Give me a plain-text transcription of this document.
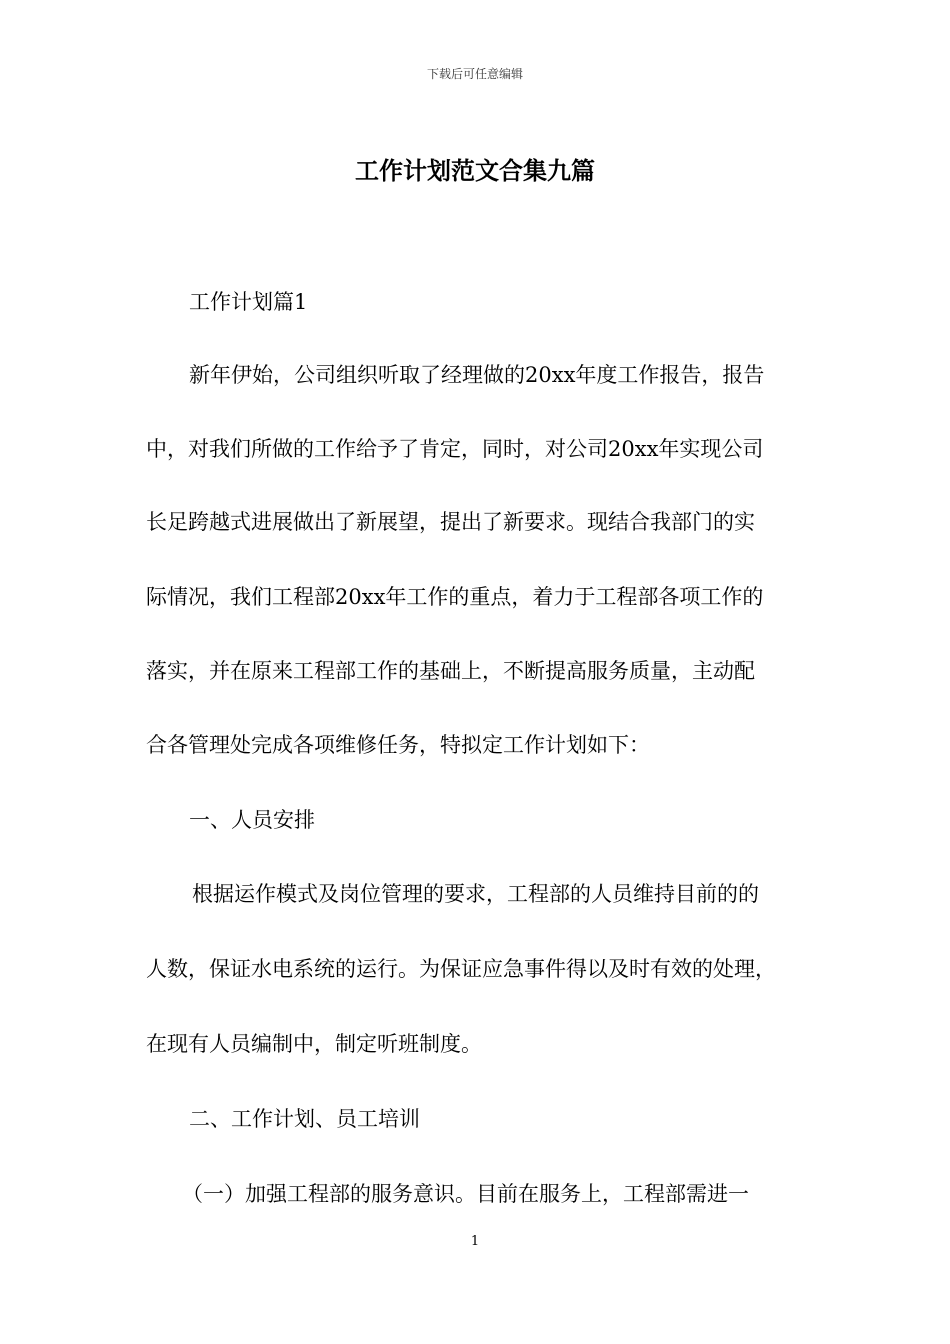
下载后可任意编辑
工作计划范文合集九篇
工作计划篇1
新年伊始，公司组织听取了经理做的20xx年度工作报告，报告
中，对我们所做的工作给予了肯定，同时，对公司20xx年实现公司
长足跨越式进展做出了新展望，提出了新要求。现结合我部门的实
际情况，我们工程部20xx年工作的重点，着力于工程部各项工作的
落实，并在原来工程部工作的基础上，不断提高服务质量，主动配
合各管理处完成各项维修任务，特拟定工作计划如下：
一、人员安排
根据运作模式及岗位管理的要求，工程部的人员维持目前的的
人数，保证水电系统的运行。为保证应急事件得以及时有效的处理，
在现有人员编制中，制定听班制度。
二、工作计划、员工培训
（一）加强工程部的服务意识。目前在服务上，工程部需进一
1
